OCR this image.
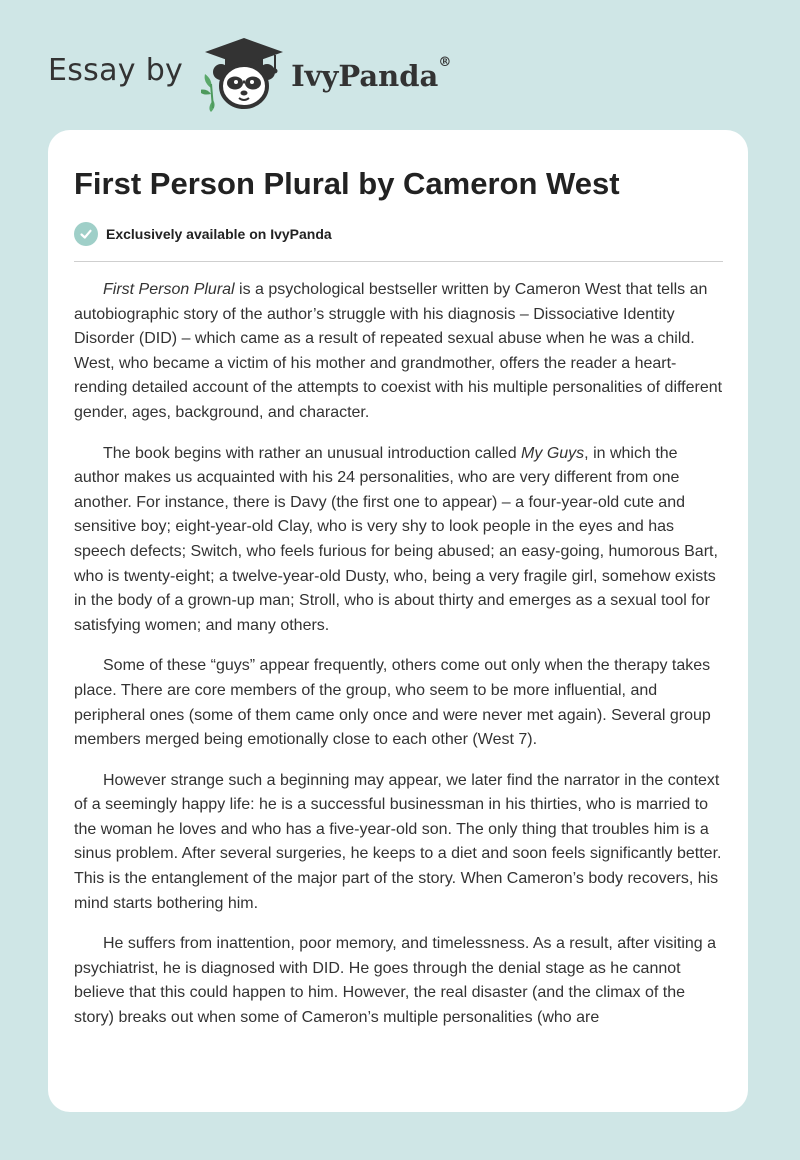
Essay by	IvyPanda®
First Person Plural by Cameron West
Exclusively available on IvyPanda

First Person Plural is a psychological bestseller written by Cameron West that tells an autobiographic story of the author’s struggle with his diagnosis – Dissociative Identity Disorder (DID) – which came as a result of repeated sexual abuse when he was a child. West, who became a victim of his mother and grandmother, offers the reader a heart-rending detailed account of the attempts to coexist with his multiple personalities of different gender, ages, background, and character.

The book begins with rather an unusual introduction called My Guys, in which the author makes us acquainted with his 24 personalities, who are very different from one another. For instance, there is Davy (the first one to appear) – a four-year-old cute and sensitive boy; eight-year-old Clay, who is very shy to look people in the eyes and has speech defects; Switch, who feels furious for being abused; an easy-going, humorous Bart, who is twenty-eight; a twelve-year-old Dusty, who, being a very fragile girl, somehow exists in the body of a grown-up man; Stroll, who is about thirty and emerges as a sexual tool for satisfying women; and many others.

Some of these “guys” appear frequently, others come out only when the therapy takes place. There are core members of the group, who seem to be more influential, and peripheral ones (some of them came only once and were never met again). Several group members merged being emotionally close to each other (West 7).

However strange such a beginning may appear, we later find the narrator in the context of a seemingly happy life: he is a successful businessman in his thirties, who is married to the woman he loves and who has a five-year-old son. The only thing that troubles him is a sinus problem. After several surgeries, he keeps to a diet and soon feels significantly better. This is the entanglement of the major part of the story. When Cameron’s body recovers, his mind starts bothering him.

He suffers from inattention, poor memory, and timelessness. As a result, after visiting a psychiatrist, he is diagnosed with DID. He goes through the denial stage as he cannot believe that this could happen to him. However, the real disaster (and the climax of the story) breaks out when some of Cameron’s multiple personalities (who are
